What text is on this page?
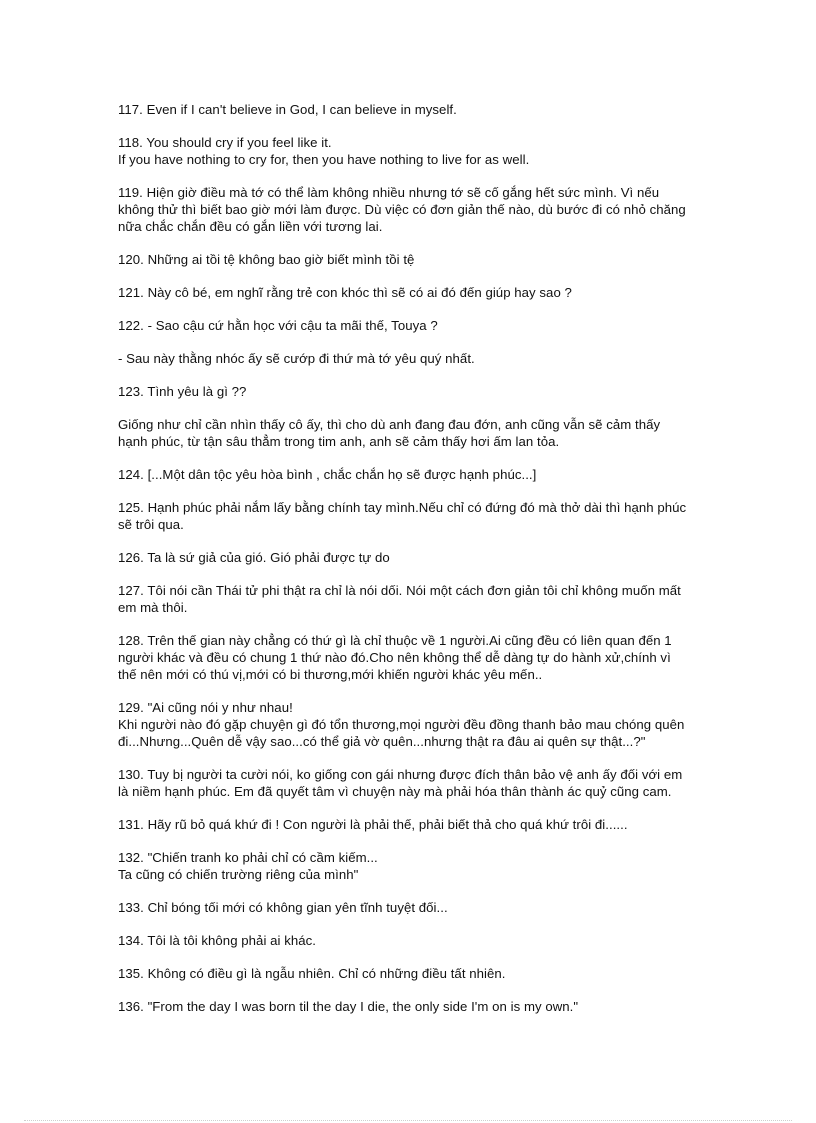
117. Even if I can't believe in God, I can believe in myself.

118. You should cry if you feel like it.
If you have nothing to cry for, then you have nothing to live for as well.

119. Hiện giờ điều mà tớ có thể làm không nhiều nhưng tớ sẽ cố gắng hết sức mình. Vì nếu
không thử thì biết bao giờ mới làm được. Dù việc có đơn giản thế nào, dù bước đi có nhỏ chăng
nữa chắc chắn đều có gắn liền với tương lai.

120. Những ai tồi tệ không bao giờ biết mình tồi tệ

121. Này cô bé, em nghĩ rằng trẻ con khóc thì sẽ có ai đó đến giúp hay sao ?

122. - Sao cậu cứ hằn học với cậu ta mãi thế, Touya ?

- Sau này thằng nhóc ấy sẽ cướp đi thứ mà tớ yêu quý nhất.

123. Tình yêu là gì ??

Giống như chỉ cần nhìn thấy cô ấy, thì cho dù anh đang đau đớn, anh cũng vẫn sẽ cảm thấy
hạnh phúc, từ tận sâu thẳm trong tim anh, anh sẽ cảm thấy hơi ấm lan tỏa.

124. [...Một dân tộc yêu hòa bình , chắc chắn họ sẽ được hạnh phúc...]

125. Hạnh phúc phải nắm lấy bằng chính tay mình.Nếu chỉ có đứng đó mà thở dài thì hạnh phúc
sẽ trôi qua.

126. Ta là sứ giả của gió. Gió phải được tự do

127. Tôi nói cần Thái tử phi thật ra chỉ là nói dối. Nói một cách đơn giản tôi chỉ không muốn mất
em mà thôi.

128. Trên thế gian này chẳng có thứ gì là chỉ thuộc về 1 người.Ai cũng đều có liên quan đến 1
người khác và đều có chung 1 thứ nào đó.Cho nên không thể dễ dàng tự do hành xử,chính vì
thế nên mới có thú vị,mới có bi thương,mới khiến người khác yêu mến..

129. "Ai cũng nói y như nhau!
Khi người nào đó gặp chuyện gì đó tổn thương,mọi người đều đồng thanh bảo mau chóng quên
đi...Nhưng...Quên dễ vậy sao...có thể giả vờ quên...nhưng thật ra đâu ai quên sự thật...?"

130. Tuy bị người ta cười nói, ko giống con gái nhưng được đích thân bảo vệ anh ấy đối với em
là niềm hạnh phúc. Em đã quyết tâm vì chuyện này mà phải hóa thân thành ác quỷ cũng cam.

131. Hãy rũ bỏ quá khứ đi ! Con người là phải thế, phải biết thả cho quá khứ trôi đi......

132. "Chiến tranh ko phải chỉ có cầm kiếm...
Ta cũng có chiến trường riêng của mình"

133. Chỉ bóng tối mới có không gian yên tĩnh tuyệt đối...

134. Tôi là tôi không phải ai khác.

135. Không có điều gì là ngẫu nhiên. Chỉ có những điều tất nhiên.

136. "From the day I was born til the day I die, the only side I'm on is my own."
